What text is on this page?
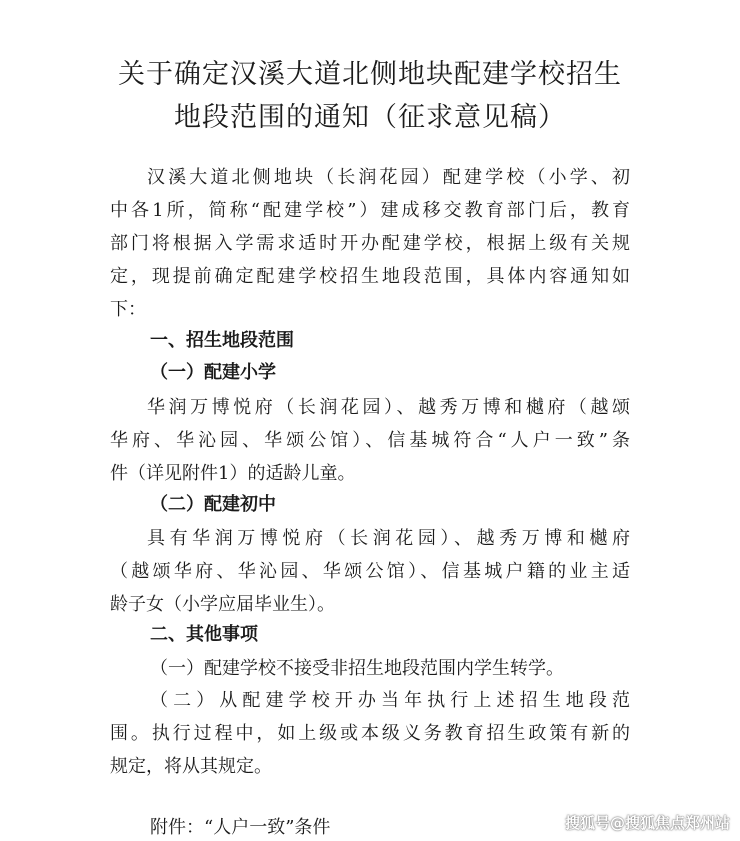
关于确定汉溪大道北侧地块配建学校招生
地段范围的通知（征求意见稿）
汉溪大道北侧地块（长润花园）配建学校（小学、初
中各1所，简称“配建学校”）建成移交教育部门后，教育
部门将根据入学需求适时开办配建学校，根据上级有关规
定，现提前确定配建学校招生地段范围，具体内容通知如
下：
一、招生地段范围
（一）配建小学
华润万博悦府（长润花园）、越秀万博和樾府（越颂
华府、华沁园、华颂公馆）、信基城符合“人户一致”条
件（详见附件1）的适龄儿童。
（二）配建初中
具有华润万博悦府（长润花园）、越秀万博和樾府
（越颂华府、华沁园、华颂公馆）、信基城户籍的业主适
龄子女（小学应届毕业生）。
二、其他事项
（一）配建学校不接受非招生地段范围内学生转学。
（二）从配建学校开办当年执行上述招生地段范
围。执行过程中，如上级或本级义务教育招生政策有新的
规定，将从其规定。
附件：“人户一致”条件	搜狐号@搜狐焦点郑州站
